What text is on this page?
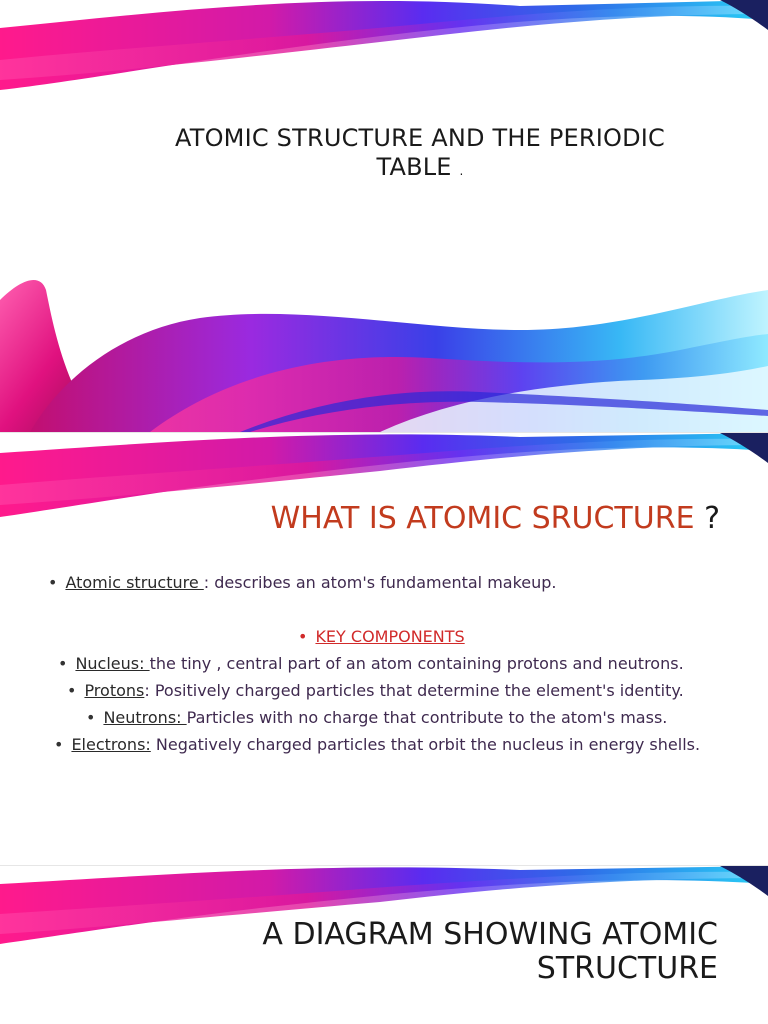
ATOMIC STRUCTURE AND THE PERIODIC
TABLE .
WHAT IS ATOMIC SRUCTURE ?
• Atomic structure : describes an atom's fundamental makeup.
• KEY COMPONENTS
• Nucleus: the tiny , central part of an atom containing protons and neutrons.
• Protons: Positively charged particles that determine the element's identity.
• Neutrons: Particles with no charge that contribute to the atom's mass.
• Electrons: Negatively charged particles that orbit the nucleus in energy shells.
A DIAGRAM SHOWING ATOMIC
STRUCTURE
